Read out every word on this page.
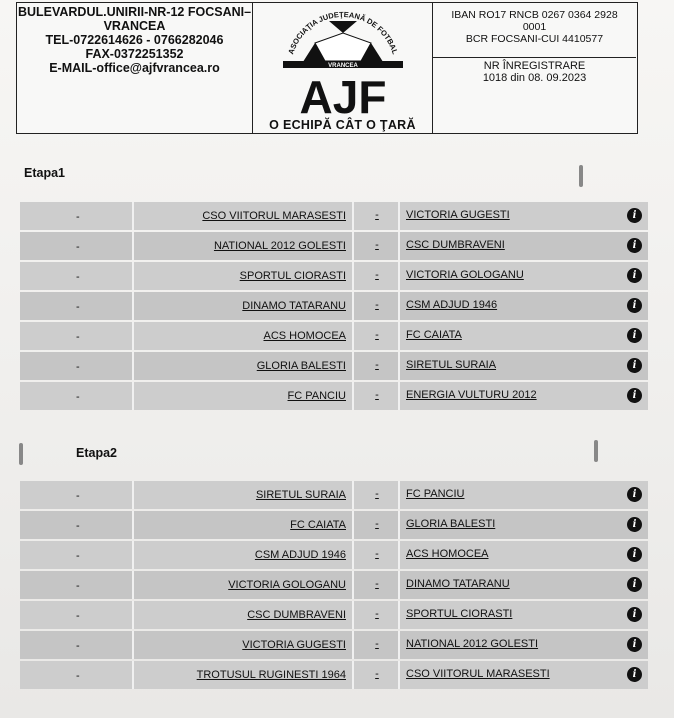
BULEVARDUL.UNIRII-NR-12 FOCSANI–
VRANCEA
TEL-0722614626 - 0766282046
FAX-0372251352
E-MAIL-office@ajfvrancea.ro
ASOCIAŢIA JUDEŢEANĂ DE FOTBAL
VRANCEA
AJF
O ECHIPĂ CÂT O ŢARĂ
IBAN RO17 RNCB 0267 0364 2928
0001
BCR FOCSANI-CUI 4410577
NR ÎNREGISTRARE
1018 din 08. 09.2023
Etapa1
-	CSO VIITORUL MARASESTI	-	VICTORIA GUGESTI	i
-	NATIONAL 2012 GOLESTI	-	CSC DUMBRAVENI	i
-	SPORTUL CIORASTI	-	VICTORIA GOLOGANU	i
-	DINAMO TATARANU	-	CSM ADJUD 1946	i
-	ACS HOMOCEA	-	FC CAIATA	i
-	GLORIA BALESTI	-	SIRETUL SURAIA	i
-	FC PANCIU	-	ENERGIA VULTURU 2012	i
Etapa2
-	SIRETUL SURAIA	-	FC PANCIU	i
-	FC CAIATA	-	GLORIA BALESTI	i
-	CSM ADJUD 1946	-	ACS HOMOCEA	i
-	VICTORIA GOLOGANU	-	DINAMO TATARANU	i
-	CSC DUMBRAVENI	-	SPORTUL CIORASTI	i
-	VICTORIA GUGESTI	-	NATIONAL 2012 GOLESTI	i
-	TROTUSUL RUGINESTI 1964	-	CSO VIITORUL MARASESTI	i
